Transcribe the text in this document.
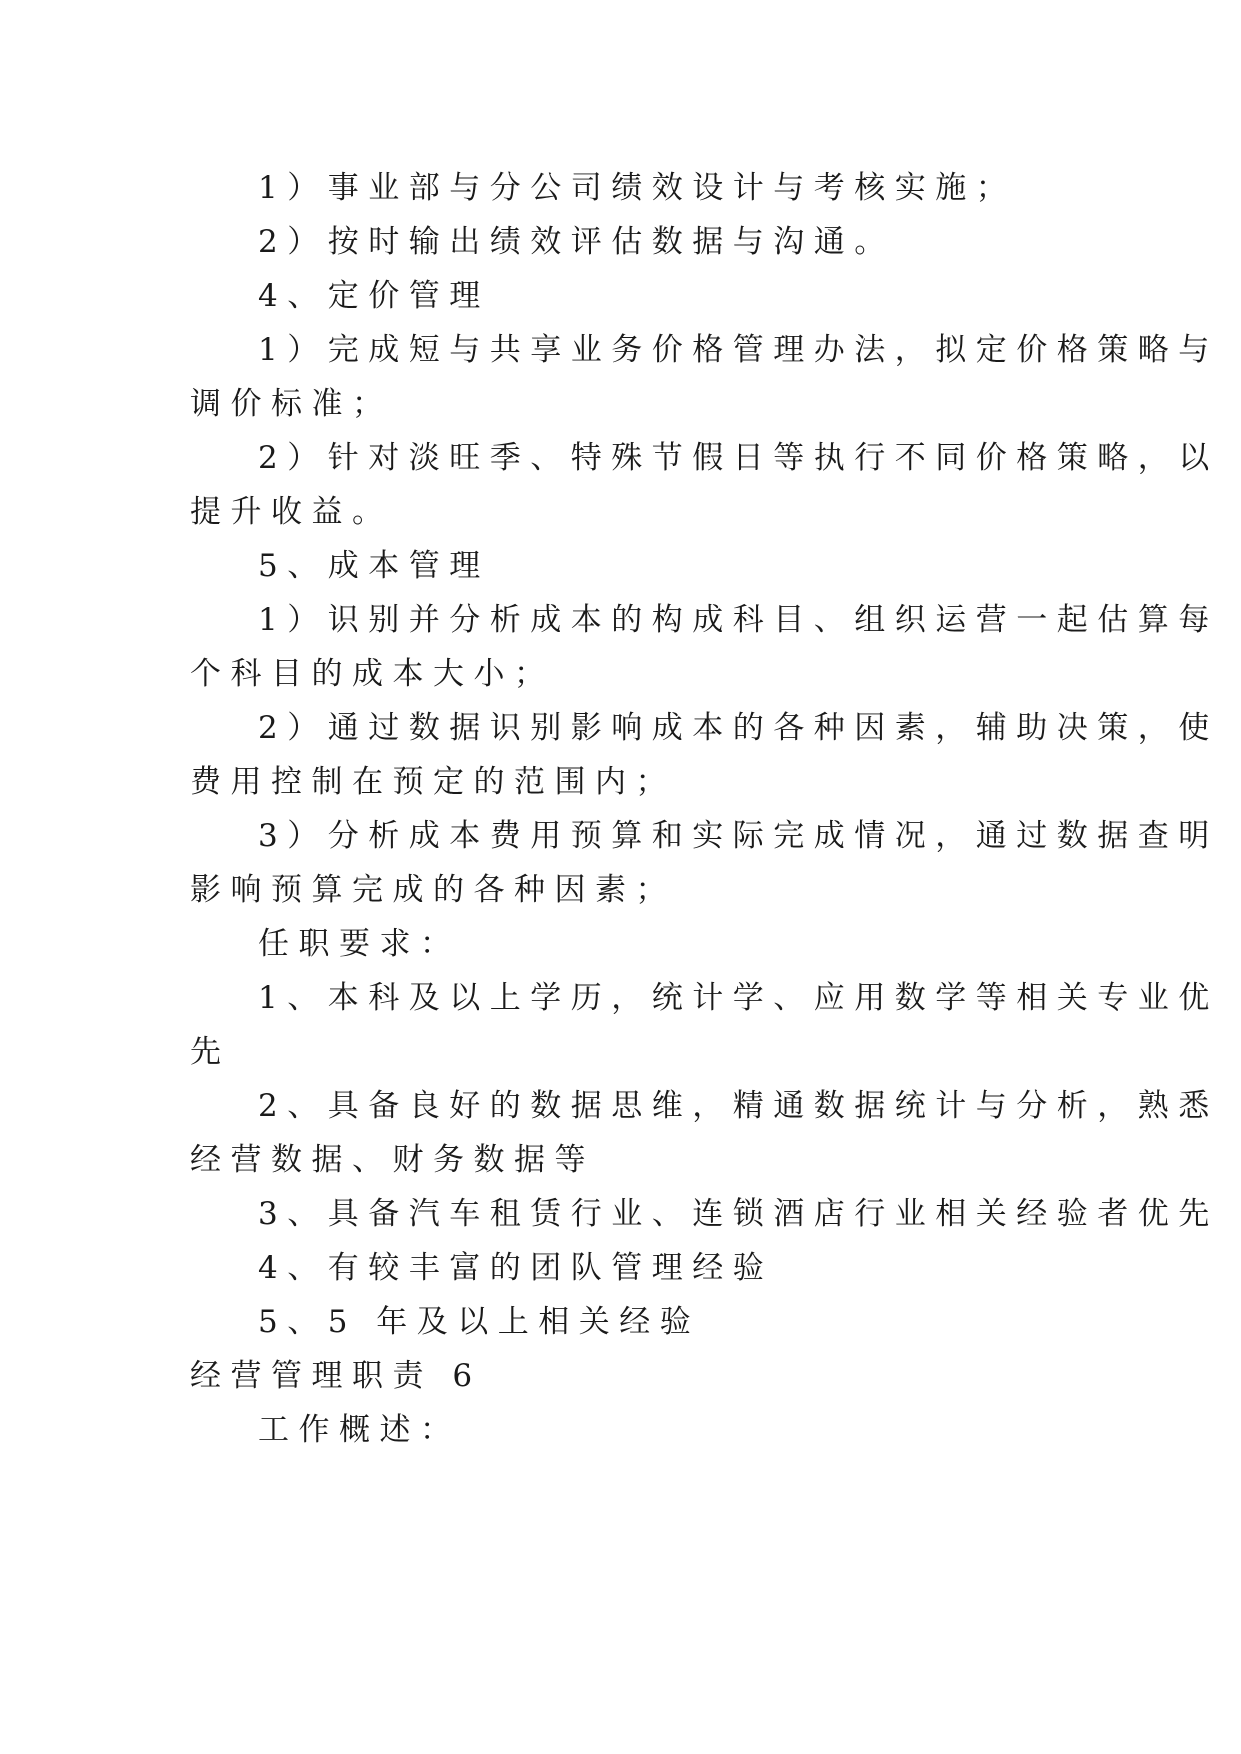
1）事业部与分公司绩效设计与考核实施；
2）按时输出绩效评估数据与沟通。
4、定价管理
1）完成短与共享业务价格管理办法，拟定价格策略与
调价标准；
2）针对淡旺季、特殊节假日等执行不同价格策略，以
提升收益。
5、成本管理
1）识别并分析成本的构成科目、组织运营一起估算每
个科目的成本大小；
2）通过数据识别影响成本的各种因素，辅助决策，使
费用控制在预定的范围内；
3）分析成本费用预算和实际完成情况，通过数据查明
影响预算完成的各种因素；
任职要求：
1、本科及以上学历，统计学、应用数学等相关专业优
先
2、具备良好的数据思维，精通数据统计与分析，熟悉
经营数据、财务数据等
3、具备汽车租赁行业、连锁酒店行业相关经验者优先
4、有较丰富的团队管理经验
5、5 年及以上相关经验
经营管理职责 6
工作概述：
